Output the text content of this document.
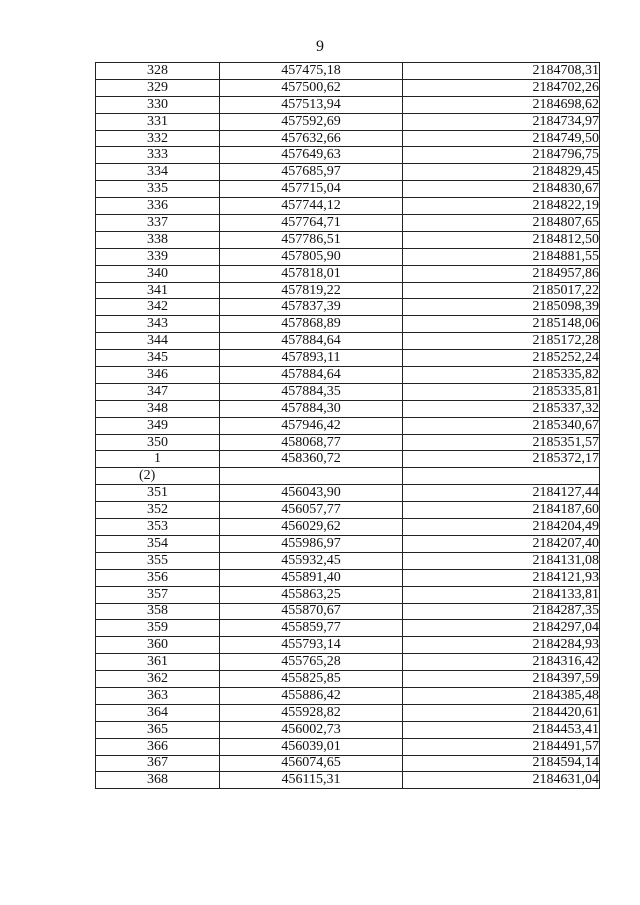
9
328	457475,18	2184708,31
329	457500,62	2184702,26
330	457513,94	2184698,62
331	457592,69	2184734,97
332	457632,66	2184749,50
333	457649,63	2184796,75
334	457685,97	2184829,45
335	457715,04	2184830,67
336	457744,12	2184822,19
337	457764,71	2184807,65
338	457786,51	2184812,50
339	457805,90	2184881,55
340	457818,01	2184957,86
341	457819,22	2185017,22
342	457837,39	2185098,39
343	457868,89	2185148,06
344	457884,64	2185172,28
345	457893,11	2185252,24
346	457884,64	2185335,82
347	457884,35	2185335,81
348	457884,30	2185337,32
349	457946,42	2185340,67
350	458068,77	2185351,57
1	458360,72	2185372,17
(2)		
351	456043,90	2184127,44
352	456057,77	2184187,60
353	456029,62	2184204,49
354	455986,97	2184207,40
355	455932,45	2184131,08
356	455891,40	2184121,93
357	455863,25	2184133,81
358	455870,67	2184287,35
359	455859,77	2184297,04
360	455793,14	2184284,93
361	455765,28	2184316,42
362	455825,85	2184397,59
363	455886,42	2184385,48
364	455928,82	2184420,61
365	456002,73	2184453,41
366	456039,01	2184491,57
367	456074,65	2184594,14
368	456115,31	2184631,04
